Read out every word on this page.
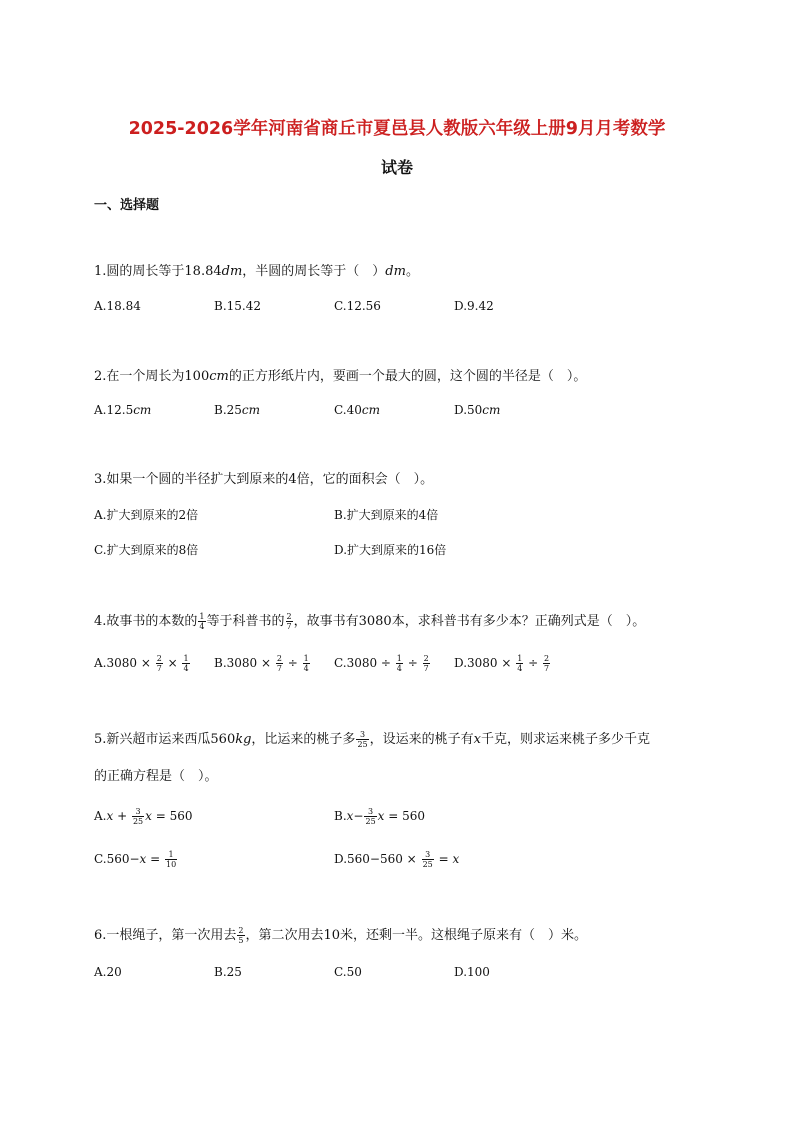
2025-2026学年河南省商丘市夏邑县人教版六年级上册9月月考数学
试卷
一、选择题
1.圆的周长等于18.84dm，半圆的周长等于（　）dm。
A.18.84	B.15.42	C.12.56	D.9.42
2.在一个周长为100cm的正方形纸片内，要画一个最大的圆，这个圆的半径是（　）。
A.12.5cm	B.25cm	C.40cm	D.50cm
3.如果一个圆的半径扩大到原来的4倍，它的面积会（　）。
A.扩大到原来的2倍	B.扩大到原来的4倍
C.扩大到原来的8倍	D.扩大到原来的16倍
4.故事书的本数的 $\frac{1}{4}$ 等于科普书的 $\frac{2}{7}$ ，故事书有3080本，求科普书有多少本？正确列式是（　）。
$A.3080 \times \frac{2}{7} \times \frac{1}{4} B.3080 \times \frac{2}{7} \div \frac{1}{4} C.3080 \div \frac{1}{4} \div \frac{2}{7} D.3080 \times \frac{1}{4} \div \frac{2}{7}$
5.新兴超市运来西瓜560kg，比运来的桃子多 $\frac{3}{25}$ ，设运来的桃子有x千克，则求运来桃子多少千克
的正确方程是（　）。
$A.x + \frac{3}{25}$ x = 560	$B.x- \frac{3}{25}$ x = 560
$C.560-x = \frac{1}{10}$	$D.560-560 \times \frac{3}{25} = x$
6.一根绳子，第一次用去 $\frac{2}{5}$ ，第二次用去10米，还剩一半。这根绳子原来有（　）米。
A.20	B.25	C.50	D.100
